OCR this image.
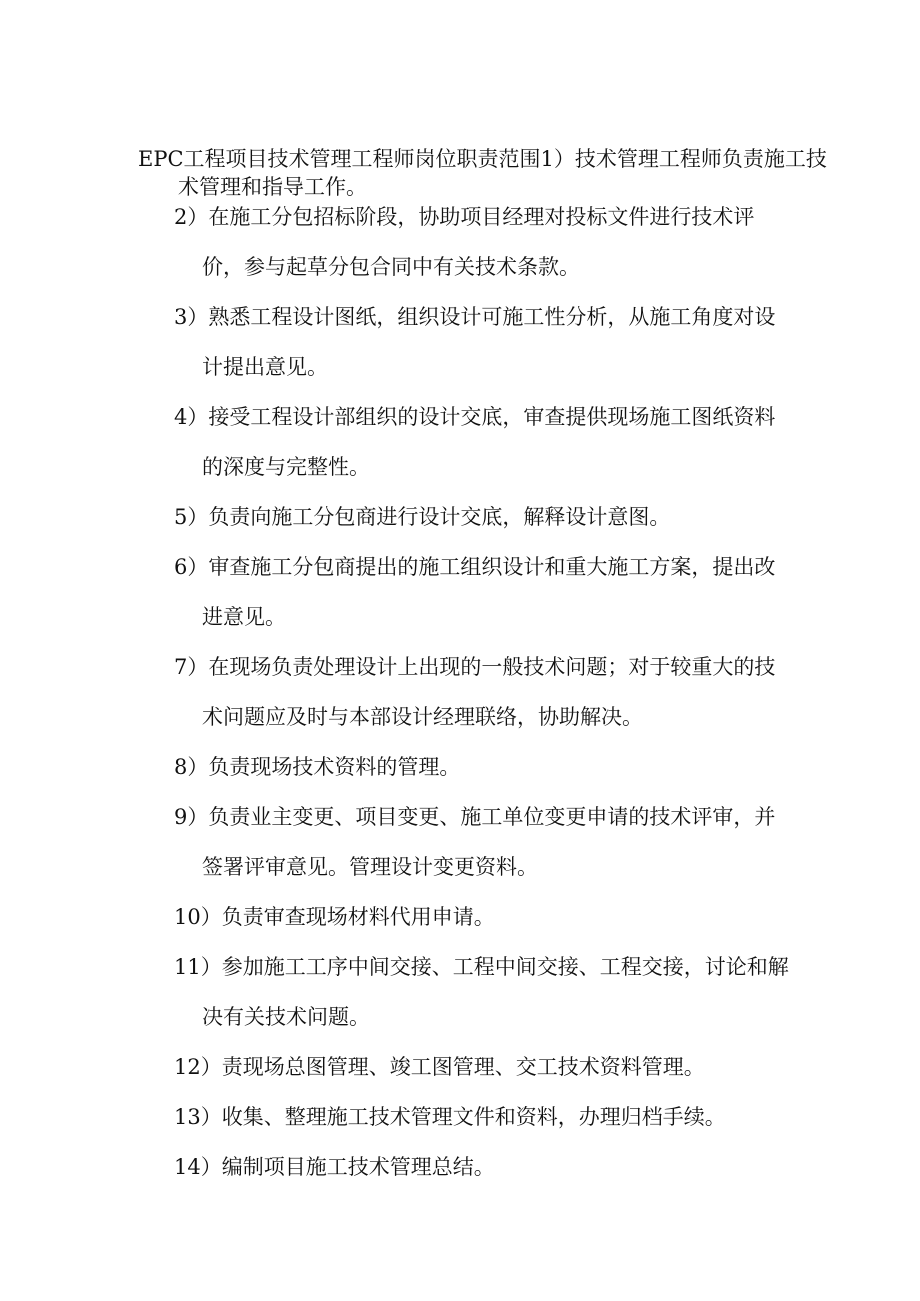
EPC工程项目技术管理工程师岗位职责范围1）技术管理工程师负责施工技术管理和指导工作。

2）在施工分包招标阶段，协助项目经理对投标文件进行技术评价，参与起草分包合同中有关技术条款。
3）熟悉工程设计图纸，组织设计可施工性分析，从施工角度对设计提出意见。
4）接受工程设计部组织的设计交底，审查提供现场施工图纸资料的深度与完整性。
5）负责向施工分包商进行设计交底，解释设计意图。
6）审查施工分包商提出的施工组织设计和重大施工方案，提出改进意见。
7）在现场负责处理设计上出现的一般技术问题；对于较重大的技术问题应及时与本部设计经理联络，协助解决。
8）负责现场技术资料的管理。
9）负责业主变更、项目变更、施工单位变更申请的技术评审，并签署评审意见。管理设计变更资料。
10）负责审查现场材料代用申请。
11）参加施工工序中间交接、工程中间交接、工程交接，讨论和解决有关技术问题。
12）责现场总图管理、竣工图管理、交工技术资料管理。
13）收集、整理施工技术管理文件和资料，办理归档手续。
14）编制项目施工技术管理总结。
